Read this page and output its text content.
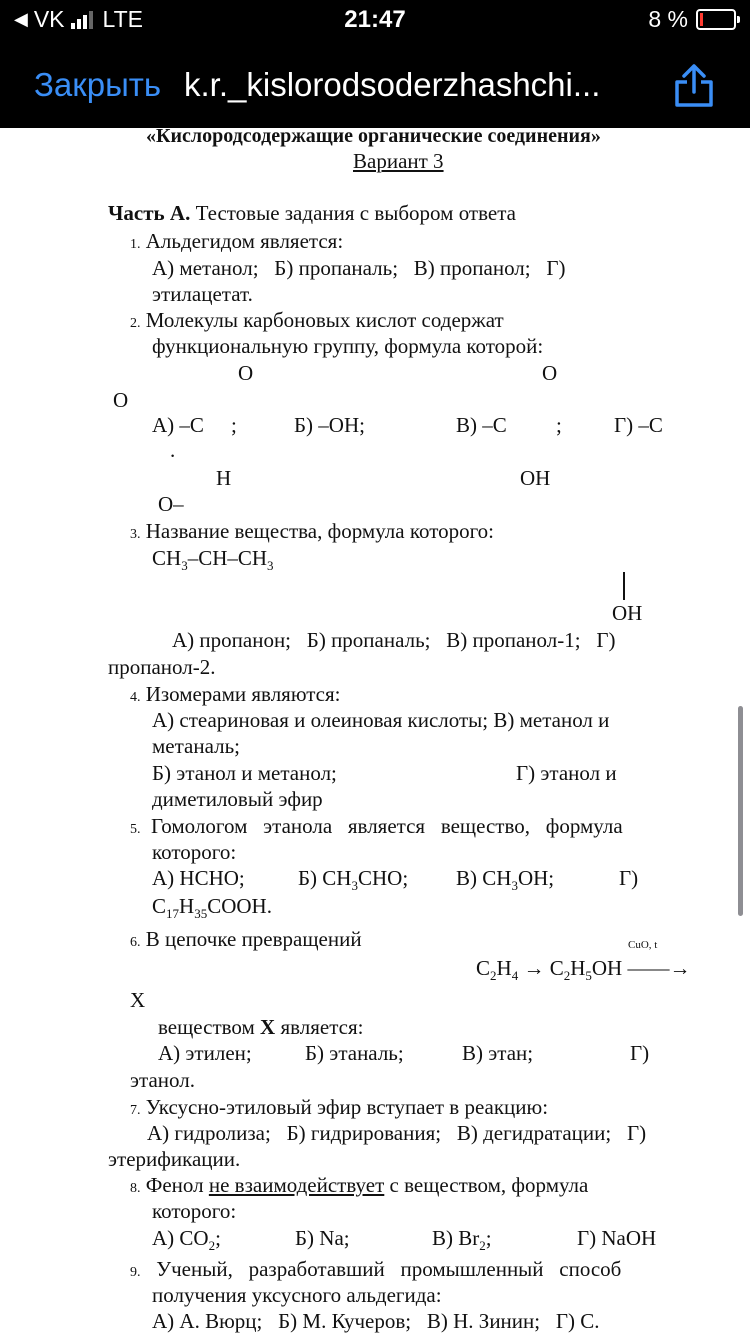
◀ VK LTE	21:47	8 %
Закрыть k.r._kislorodsoderzhashchi...
«Кислородсодержащие органические соединения»
Вариант 3
Часть А. Тестовые задания с выбором ответа
1. Альдегидом является:
А) метанол;   Б) пропаналь;   В) пропанол;   Г)
этилацетат.
2. Молекулы карбоновых кислот содержат
функциональную группу, формула которой:
О	О
О
А) –С ;	Б) –ОН;	В) –С ; Г) –С
.
Н	ОН
О–
3. Название вещества, формула которого:
$CH_3-CH-CH_3$
OH
А) пропанон;   Б) пропаналь;   В) пропанол-1;   Г)
пропанол-2.
4. Изомерами являются:
А) стеариновая и олеиновая кислоты; В) метанол и
метаналь;
Б) этанол и метанол;	Г) этанол и
диметиловый эфир
5. Гомологом   этанола   является   вещество,   формула
которого:
А) НСНО;	Б) $CH_3CHO$; В) $CH_3OH$;	Г)
$C_{17}H_{35}COOH$.
6. В цепочке превращений	CuO, t
$C_2H_4 \to C_2H_5OH$ ——→
X
веществом X является:
А) этилен;	Б) этаналь;	В) этан;	Г)
этанол.
7. Уксусно-этиловый эфир вступает в реакцию:
А) гидролиза;   Б) гидрирования;   В) дегидратации;   Г)
этерификации.
8. Фенол не взаимодействует с веществом, формула
которого:
А) $CO_2$;	Б) Na;	В) $Br_2$;	Г) NaOH
9. Ученый,   разработавший   промышленный   способ
получения уксусного альдегида:
А) А. Вюрц;   Б) М. Кучеров;   В) Н. Зинин;   Г) С.
